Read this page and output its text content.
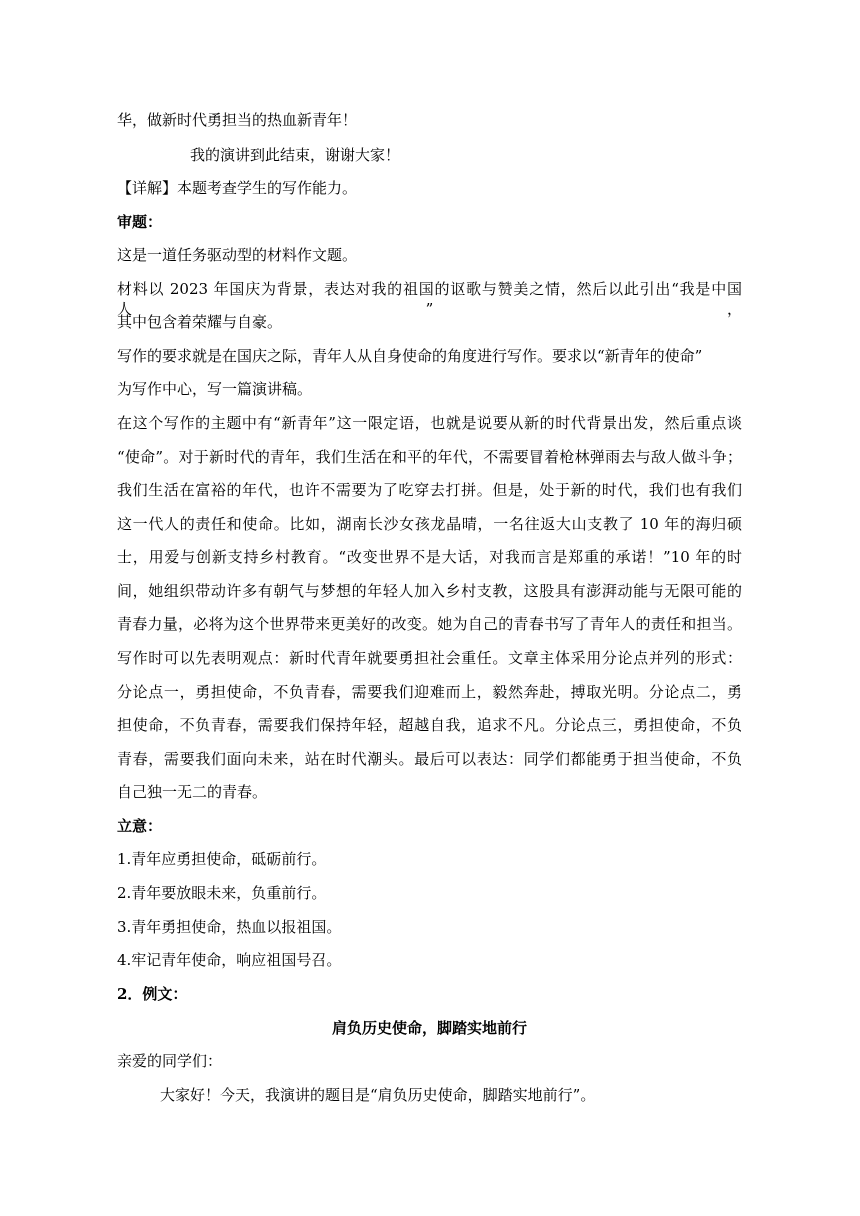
华，做新时代勇担当的热血新青年！
我的演讲到此结束，谢谢大家！
【详解】本题考查学生的写作能力。
审题：
这是一道任务驱动型的材料作文题。
材料以 2023 年国庆为背景，表达对我的祖国的讴歌与赞美之情，然后以此引出“我是中国人”，
其中包含着荣耀与自豪。
写作的要求就是在国庆之际，青年人从自身使命的角度进行写作。要求以“新青年的使命”
为写作中心，写一篇演讲稿。
在这个写作的主题中有“新青年”这一限定语，也就是说要从新的时代背景出发，然后重点谈
“使命”。对于新时代的青年，我们生活在和平的年代，不需要冒着枪林弹雨去与敌人做斗争；
我们生活在富裕的年代，也许不需要为了吃穿去打拼。但是，处于新的时代，我们也有我们
这一代人的责任和使命。比如，湖南长沙女孩龙晶晴，一名往返大山支教了 10 年的海归硕
士，用爱与创新支持乡村教育。“改变世界不是大话，对我而言是郑重的承诺！”10 年的时
间，她组织带动许多有朝气与梦想的年轻人加入乡村支教，这股具有澎湃动能与无限可能的
青春力量，必将为这个世界带来更美好的改变。她为自己的青春书写了青年人的责任和担当。
写作时可以先表明观点：新时代青年就要勇担社会重任。文章主体采用分论点并列的形式：
分论点一，勇担使命，不负青春，需要我们迎难而上，毅然奔赴，搏取光明。分论点二，勇
担使命，不负青春，需要我们保持年轻，超越自我，追求不凡。分论点三，勇担使命，不负
青春，需要我们面向未来，站在时代潮头。最后可以表达：同学们都能勇于担当使命，不负
自己独一无二的青春。
立意：
1.青年应勇担使命，砥砺前行。
2.青年要放眼未来，负重前行。
3.青年勇担使命，热血以报祖国。
4.牢记青年使命，响应祖国号召。
2．例文：
肩负历史使命，脚踏实地前行
亲爱的同学们：
大家好！今天，我演讲的题目是“肩负历史使命，脚踏实地前行”。
